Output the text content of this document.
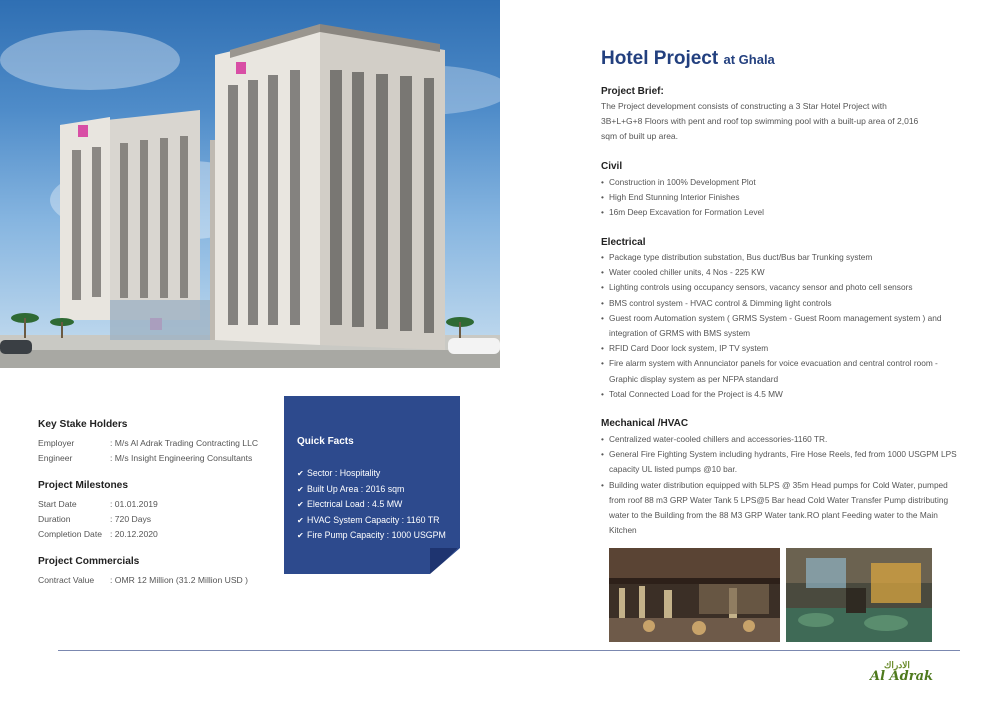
Key Stake Holders
Employer	: M/s Al Adrak Trading Contracting LLC
Engineer	: M/s Insight Engineering Consultants
Project Milestones
Start Date	: 01.01.2019
Duration	: 720 Days
Completion Date : 20.12.2020
Project Commercials
Contract Value	: OMR 12 Million (31.2 Million USD )
Quick Facts
✔ Sector : Hospitality
✔ Built Up Area : 2016 sqm
✔ Electrical Load : 4.5 MW
✔ HVAC System Capacity : 1160 TR
✔ Fire Pump Capacity : 1000 USGPM
Hotel Project at Ghala
Project Brief:
The Project development consists of constructing a 3 Star Hotel Project with
3B+L+G+8 Floors with pent and roof top swimming pool with a built-up area of 2,016
sqm of built up area.
Civil
• Construction in 100% Development Plot
• High End Stunning Interior Finishes
• 16m Deep Excavation for Formation Level
Electrical
• Package type distribution substation, Bus duct/Bus bar Trunking system
• Water cooled chiller units, 4 Nos - 225 KW
• Lighting controls using occupancy sensors, vacancy sensor and photo cell sensors
• BMS control system - HVAC control & Dimming light controls
• Guest room Automation system ( GRMS System - Guest Room management system ) and integration of GRMS with BMS system
• RFID Card Door lock system, IP TV system
• Fire alarm system with Annunciator panels for voice evacuation and central control room - Graphic display system as per NFPA standard
• Total Connected Load for the Project is 4.5 MW
Mechanical /HVAC
• Centralized water-cooled chillers and accessories-1160 TR.
• General Fire Fighting System including hydrants, Fire Hose Reels, fed from 1000 USGPM LPS capacity UL listed pumps @10 bar.
• Building water distribution equipped with 5LPS @ 35m Head pumps for Cold Water, pumped from roof 88 m3 GRP Water Tank 5 LPS@5 Bar head Cold Water Transfer Pump distributing water to the Building from the 88 M3 GRP Water tank.RO plant Feeding water to the Main Kitchen
الادراك
Al Adrak
